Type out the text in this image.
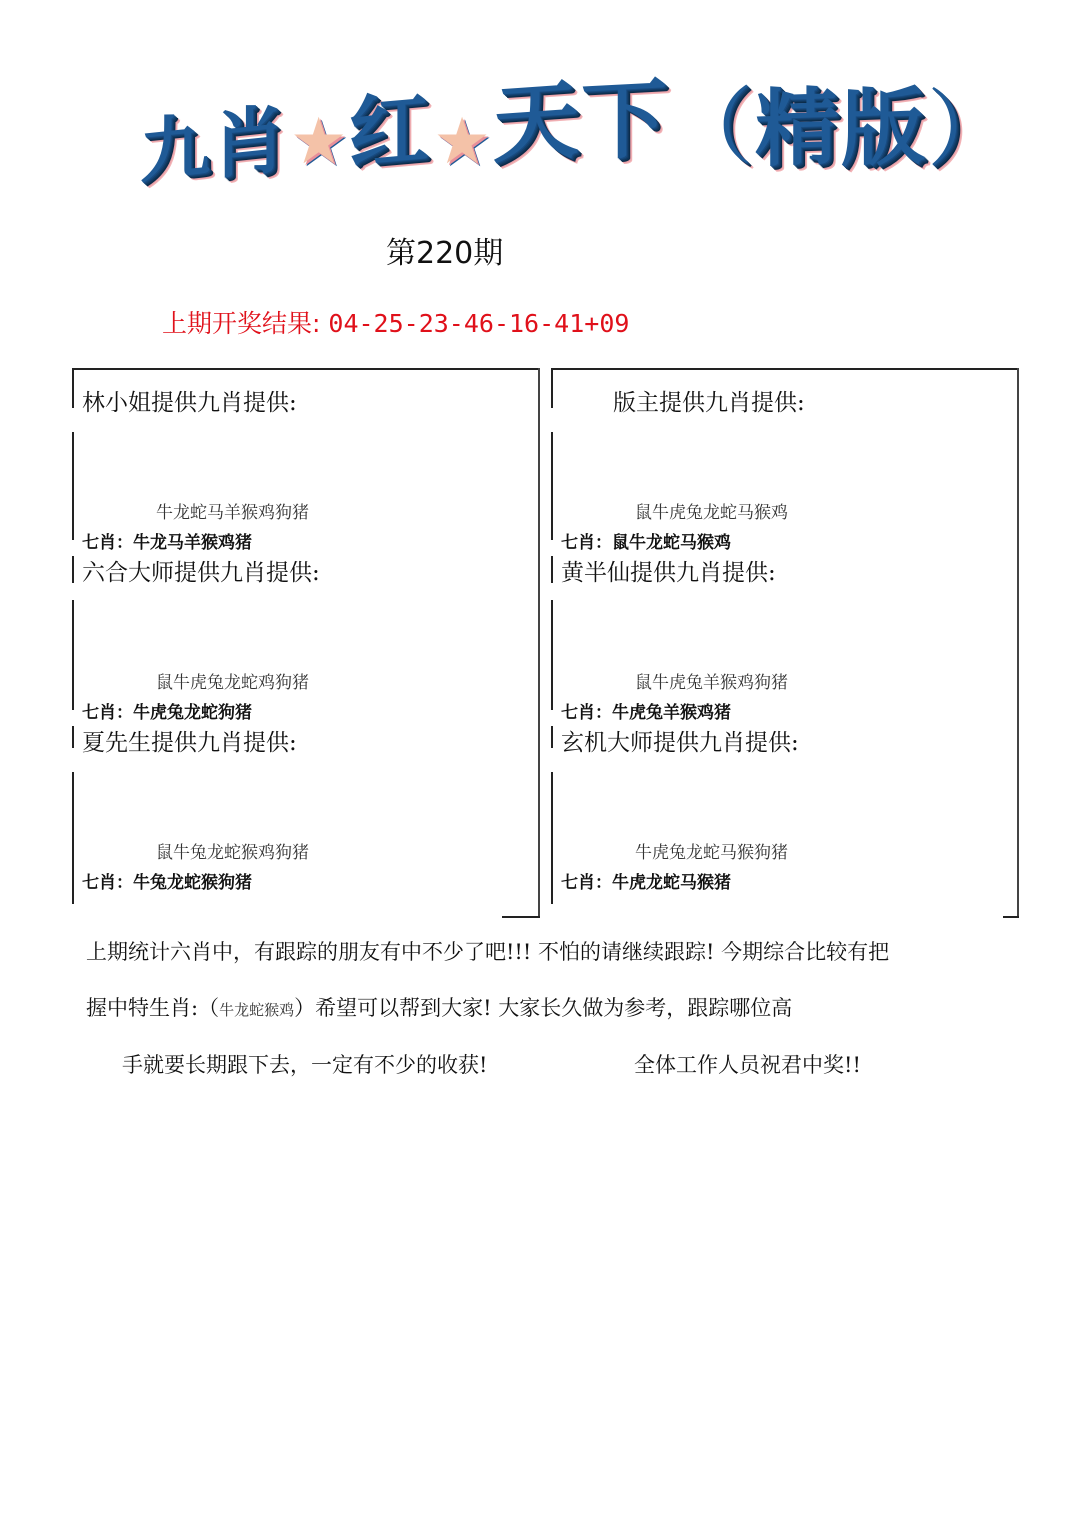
九 肖 ★ 红 ★ 天 下 （ 精 版 ）
第220期
上期开奖结果: 04-25-23-46-16-41+09
林小姐提供九肖提供:
牛龙蛇马羊猴鸡狗猪
七肖：牛龙马羊猴鸡猪
六合大师提供九肖提供:
鼠牛虎兔龙蛇鸡狗猪
七肖：牛虎兔龙蛇狗猪
夏先生提供九肖提供:
鼠牛兔龙蛇猴鸡狗猪
七肖：牛兔龙蛇猴狗猪
版主提供九肖提供:
鼠牛虎兔龙蛇马猴鸡
七肖：鼠牛龙蛇马猴鸡
黄半仙提供九肖提供:
鼠牛虎兔羊猴鸡狗猪
七肖：牛虎兔羊猴鸡猪
玄机大师提供九肖提供:
牛虎兔龙蛇马猴狗猪
七肖：牛虎龙蛇马猴猪
上期统计六肖中，有跟踪的朋友有中不少了吧!!! 不怕的请继续跟踪! 今期综合比较有把
握中特生肖:（牛龙蛇猴鸡）希望可以帮到大家! 大家长久做为参考，跟踪哪位高
手就要长期跟下去，一定有不少的收获!	全体工作人员祝君中奖!!
